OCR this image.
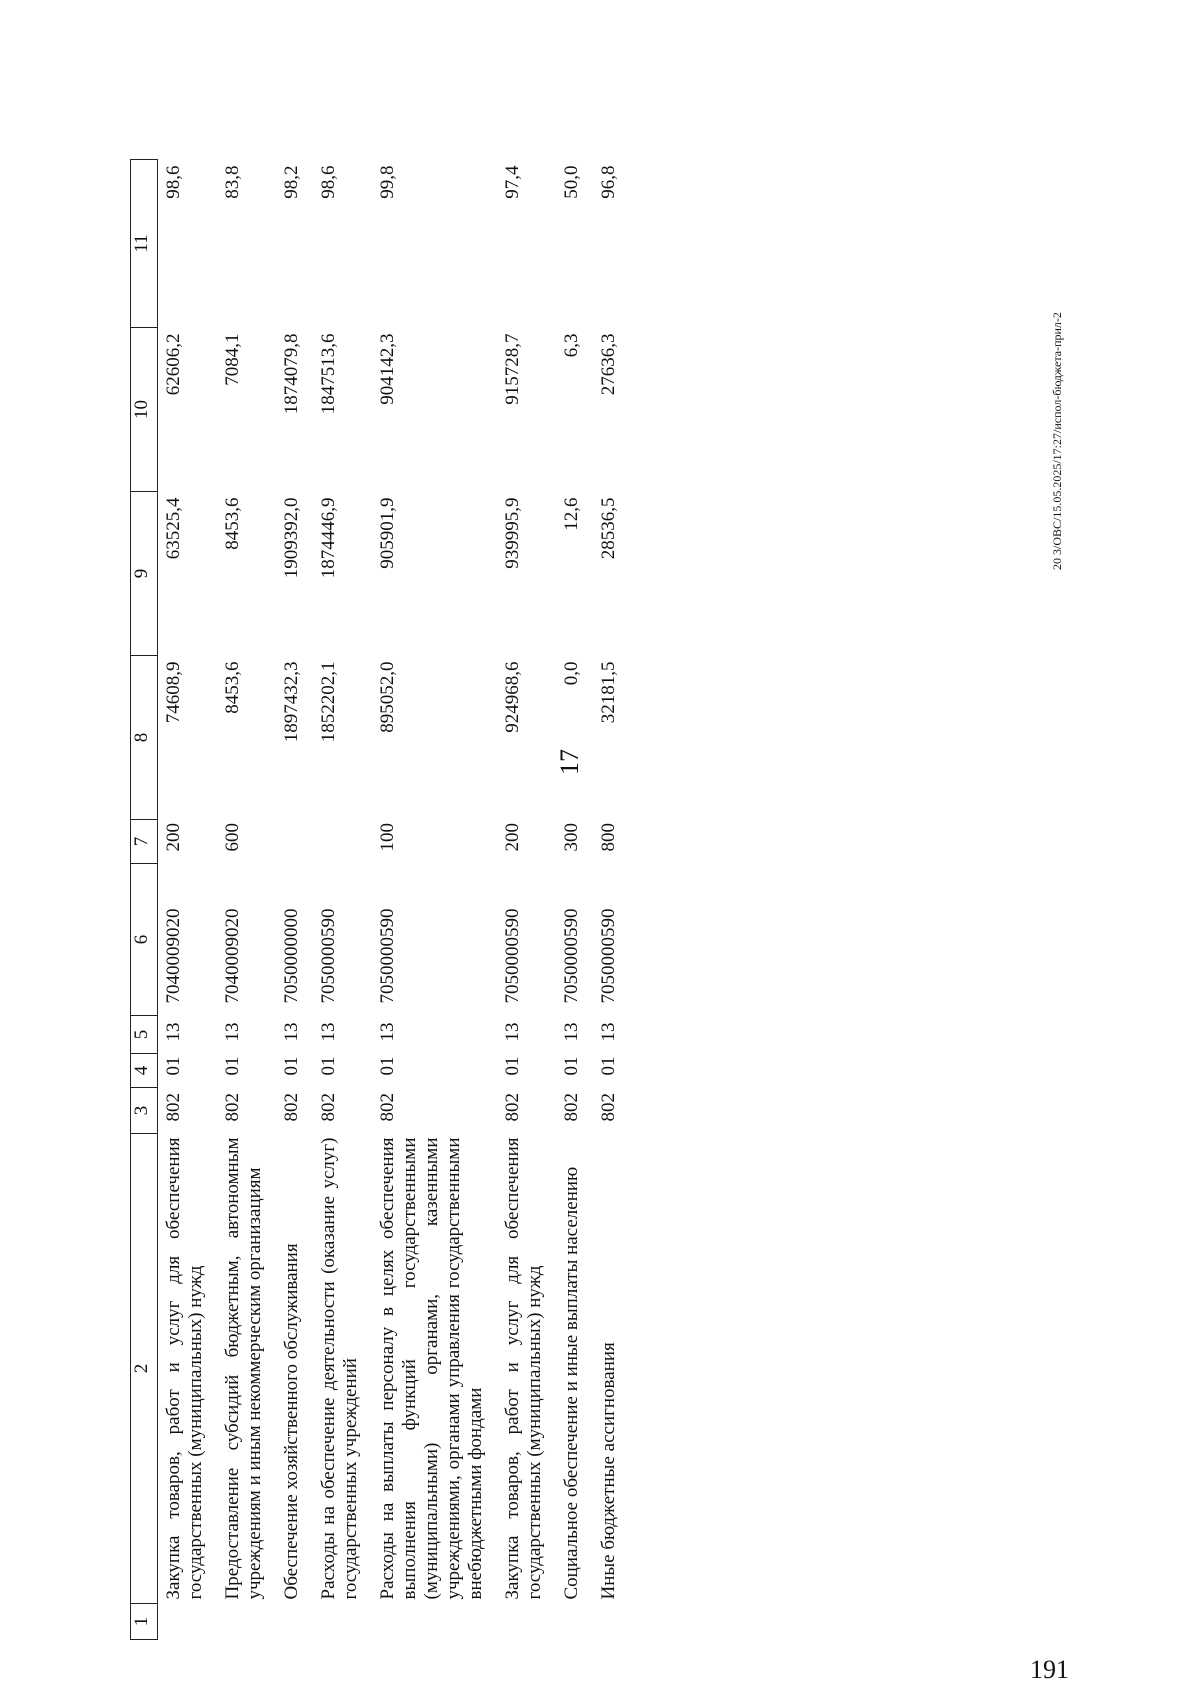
1	2	3	4	5	6	7	8	9	10	11
	Закупка товаров, работ и услуг для обеспечения государственных (муниципальных) нужд	802	01	13	7040009020	200	74608,9	63525,4	62606,2	98,6
	Предоставление субсидий бюджетным, автономным учреждениям и иным некоммерческим организациям	802	01	13	7040009020	600	8453,6	8453,6	7084,1	83,8
	Обеспечение хозяйственного обслуживания	802	01	13	7050000000		1897432,3	1909392,0	1874079,8	98,2
	Расходы на обеспечение деятельности (оказание услуг) государственных учреждений	802	01	13	7050000590		1852202,1	1874446,9	1847513,6	98,6
	Расходы на выплаты персоналу в целях обеспечения выполнения функций государственными (муниципальными) органами, казенными учреждениями, органами управления государственными внебюджетными фондами	802	01	13	7050000590	100	895052,0	905901,9	904142,3	99,8
	Закупка товаров, работ и услуг для обеспечения государственных (муниципальных) нужд	802	01	13	7050000590	200	924968,6	939995,9	915728,7	97,4
	Социальное обеспечение и иные выплаты населению	802	01	13	7050000590	300	0,0	12,6	6,3	50,0
	Иные бюджетные ассигнования	802	01	13	7050000590	800	32181,5	28536,5	27636,3	96,8
17
20 3/ОВС/15.05.2025/17:27/испол-бюджета-прил-2
191
